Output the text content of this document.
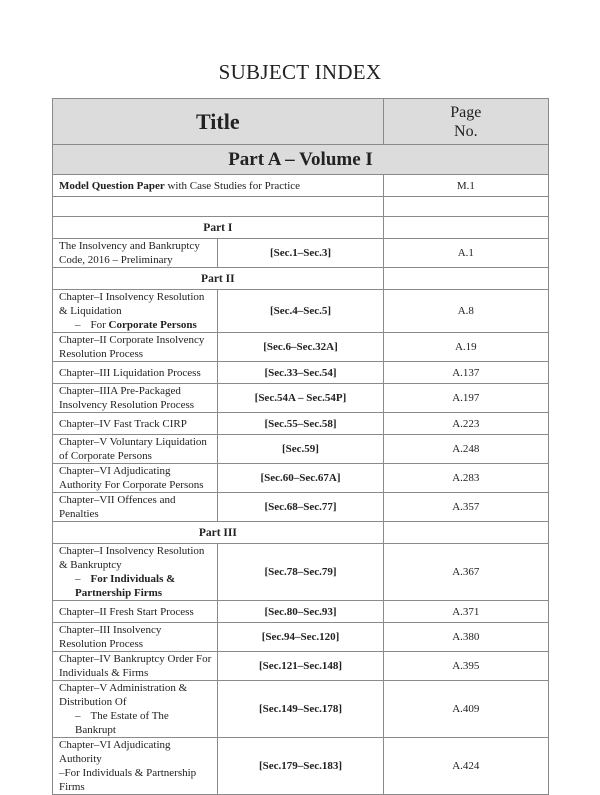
SUBJECT INDEX
Title		Page
No.
Part A – Volume I		
Model Question Paper with Case Studies for Practice		M.1

Part I		
The Insolvency and Bankruptcy Code, 2016 – Preliminary	[Sec.1–Sec.3]	A.1
Part II		
Chapter–I Insolvency Resolution & Liquidation
– For Corporate Persons	[Sec.4–Sec.5]	A.8
Chapter–II Corporate Insolvency Resolution Process	[Sec.6–Sec.32A]	A.19
Chapter–III Liquidation Process	[Sec.33–Sec.54]	A.137
Chapter–IIIA Pre-Packaged Insolvency Resolution Process	[Sec.54A – Sec.54P]	A.197
Chapter–IV Fast Track CIRP	[Sec.55–Sec.58]	A.223
Chapter–V Voluntary Liquidation of Corporate Persons	[Sec.59]	A.248
Chapter–VI Adjudicating Authority For Corporate Persons	[Sec.60–Sec.67A]	A.283
Chapter–VII Offences and Penalties	[Sec.68–Sec.77]	A.357
Part III		
Chapter–I Insolvency Resolution & Bankruptcy
– For Individuals & Partnership Firms	[Sec.78–Sec.79]	A.367
Chapter–II Fresh Start Process	[Sec.80–Sec.93]	A.371
Chapter–III Insolvency Resolution Process	[Sec.94–Sec.120]	A.380
Chapter–IV Bankruptcy Order For Individuals & Firms	[Sec.121–Sec.148]	A.395
Chapter–V Administration & Distribution Of
– The Estate of The Bankrupt	[Sec.149–Sec.178]	A.409
Chapter–VI Adjudicating Authority
–For Individuals & Partnership Firms	[Sec.179–Sec.183]	A.424
